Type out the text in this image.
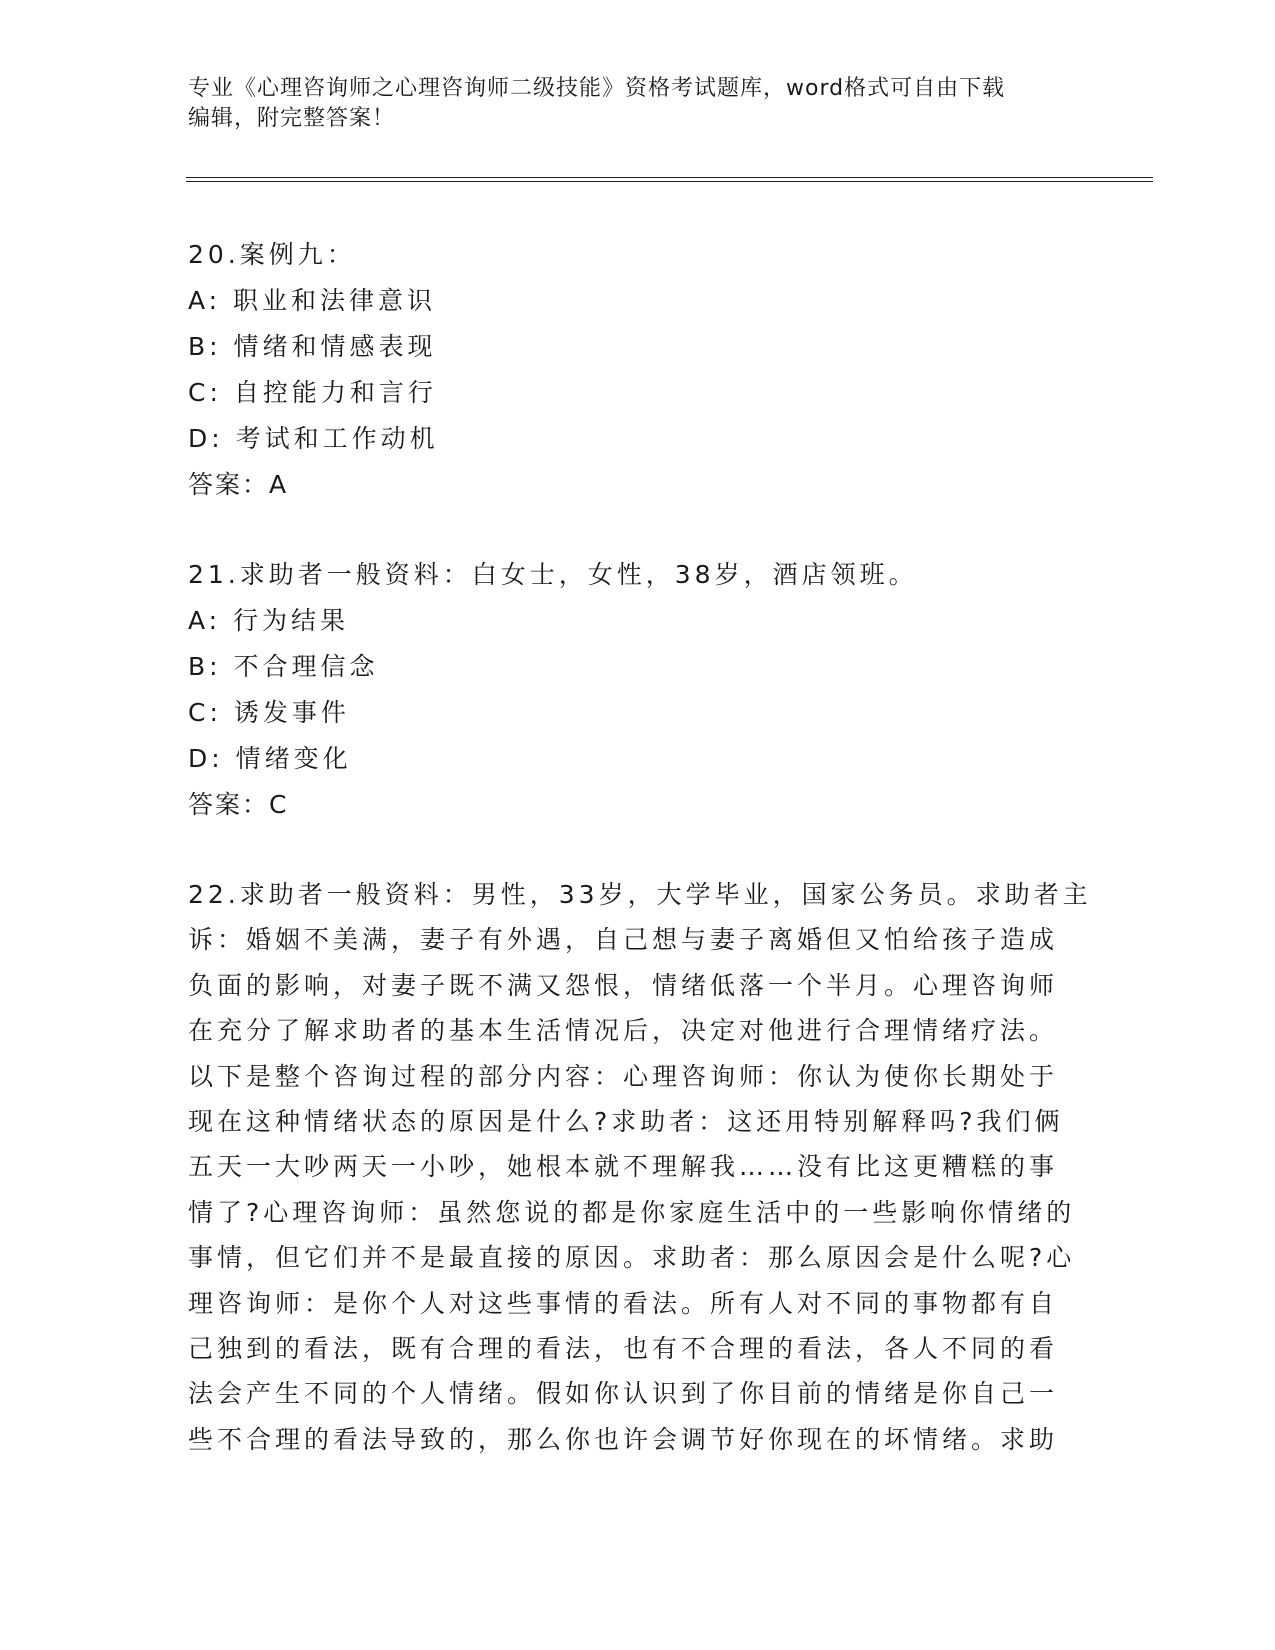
专业《心理咨询师之心理咨询师二级技能》资格考试题库，word格式可自由下载
编辑，附完整答案！
20.案例九：
A: 职业和法律意识
B: 情绪和情感表现
C: 自控能力和言行
D: 考试和工作动机
答案：A
21.求助者一般资料：白女士，女性，38岁，酒店领班。
A: 行为结果
B: 不合理信念
C: 诱发事件
D: 情绪变化
答案：C
22.求助者一般资料：男性，33岁，大学毕业，国家公务员。求助者主
诉：婚姻不美满，妻子有外遇，自己想与妻子离婚但又怕给孩子造成
负面的影响，对妻子既不满又怨恨，情绪低落一个半月。心理咨询师
在充分了解求助者的基本生活情况后，决定对他进行合理情绪疗法。
以下是整个咨询过程的部分内容：心理咨询师：你认为使你长期处于
现在这种情绪状态的原因是什么?求助者：这还用特别解释吗?我们俩
五天一大吵两天一小吵，她根本就不理解我……没有比这更糟糕的事
情了?心理咨询师：虽然您说的都是你家庭生活中的一些影响你情绪的
事情，但它们并不是最直接的原因。求助者：那么原因会是什么呢?心
理咨询师：是你个人对这些事情的看法。所有人对不同的事物都有自
己独到的看法，既有合理的看法，也有不合理的看法，各人不同的看
法会产生不同的个人情绪。假如你认识到了你目前的情绪是你自己一
些不合理的看法导致的，那么你也许会调节好你现在的坏情绪。求助
